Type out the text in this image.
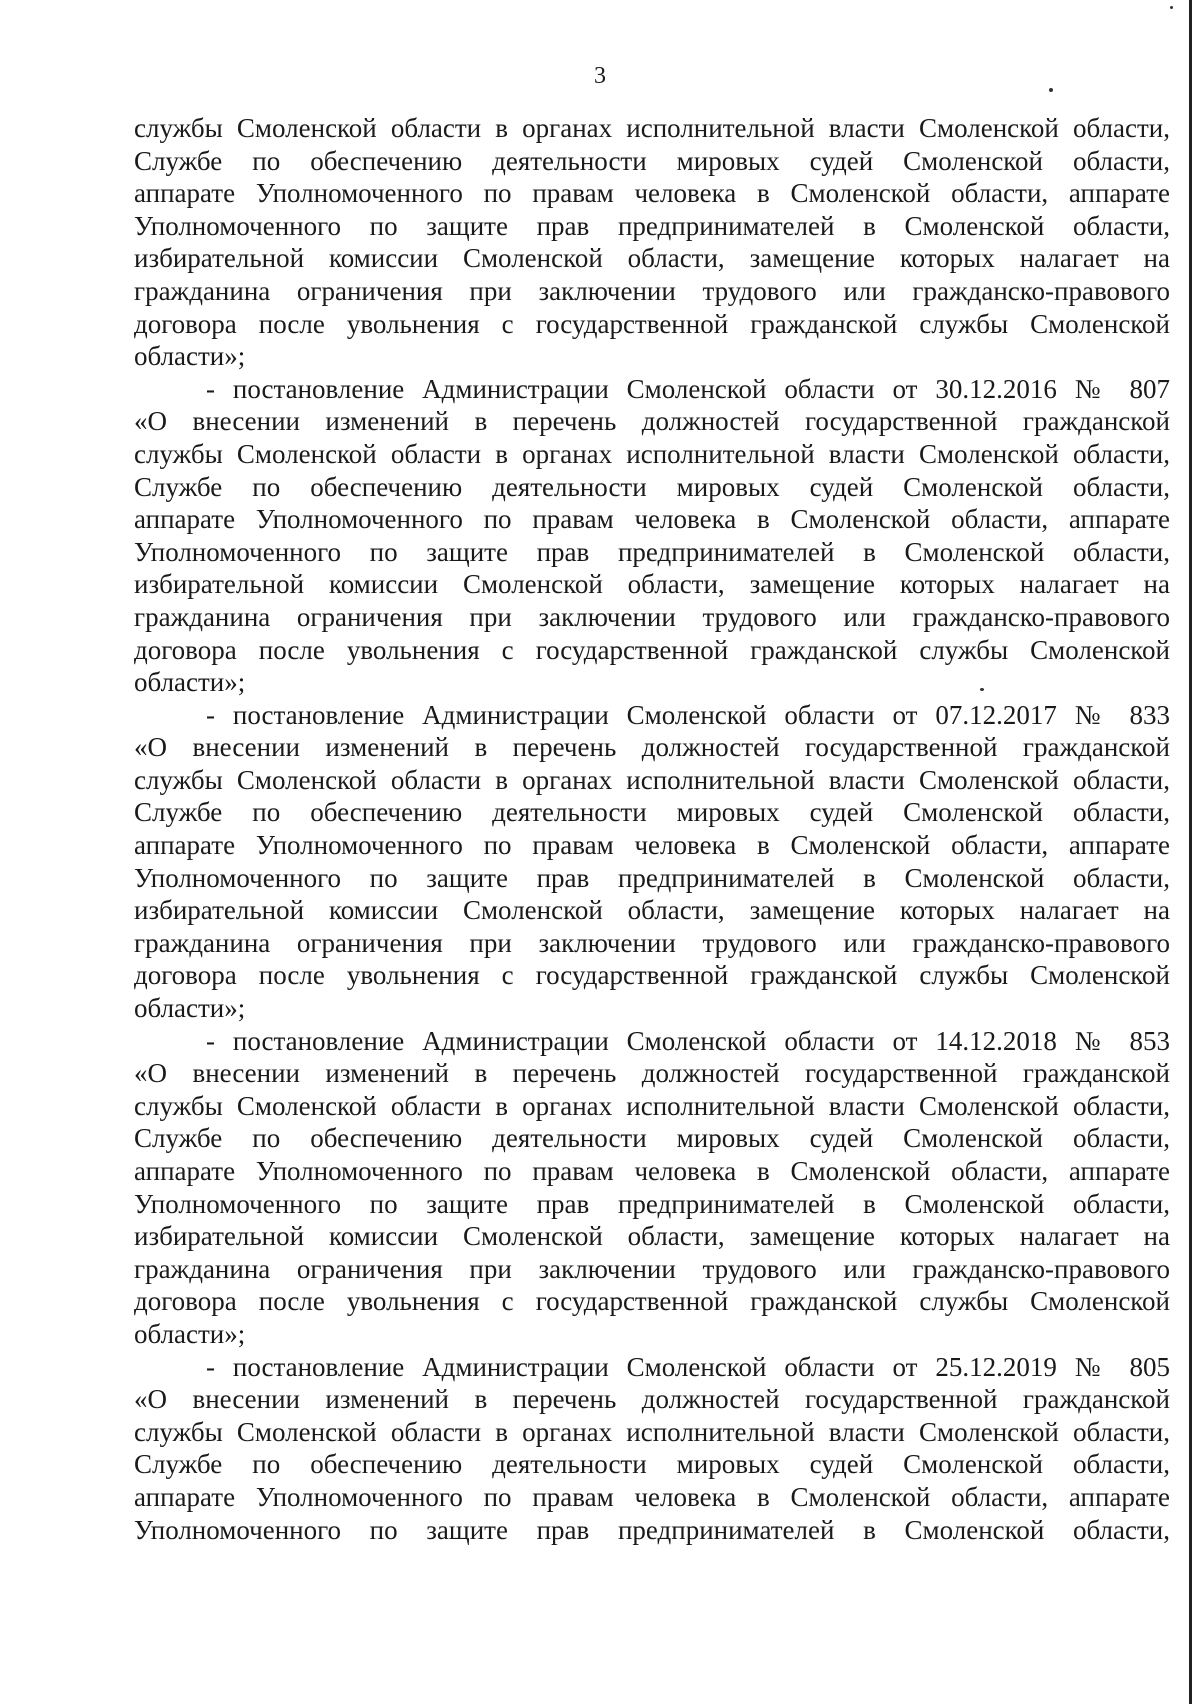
3
службы Смоленской области в органах исполнительной власти Смоленской области,
Службе по обеспечению деятельности мировых судей Смоленской области,
аппарате Уполномоченного по правам человека в Смоленской области, аппарате
Уполномоченного по защите прав предпринимателей в Смоленской области,
избирательной комиссии Смоленской области, замещение которых налагает на
гражданина ограничения при заключении трудового или гражданско-правового
договора после увольнения с государственной гражданской службы Смоленской
области»;
- постановление Администрации Смоленской области от 30.12.2016 № 807
«О внесении изменений в перечень должностей государственной гражданской
службы Смоленской области в органах исполнительной власти Смоленской области,
Службе по обеспечению деятельности мировых судей Смоленской области,
аппарате Уполномоченного по правам человека в Смоленской области, аппарате
Уполномоченного по защите прав предпринимателей в Смоленской области,
избирательной комиссии Смоленской области, замещение которых налагает на
гражданина ограничения при заключении трудового или гражданско-правового
договора после увольнения с государственной гражданской службы Смоленской
области»;
- постановление Администрации Смоленской области от 07.12.2017 № 833
«О внесении изменений в перечень должностей государственной гражданской
службы Смоленской области в органах исполнительной власти Смоленской области,
Службе по обеспечению деятельности мировых судей Смоленской области,
аппарате Уполномоченного по правам человека в Смоленской области, аппарате
Уполномоченного по защите прав предпринимателей в Смоленской области,
избирательной комиссии Смоленской области, замещение которых налагает на
гражданина ограничения при заключении трудового или гражданско-правового
договора после увольнения с государственной гражданской службы Смоленской
области»;
- постановление Администрации Смоленской области от 14.12.2018 № 853
«О внесении изменений в перечень должностей государственной гражданской
службы Смоленской области в органах исполнительной власти Смоленской области,
Службе по обеспечению деятельности мировых судей Смоленской области,
аппарате Уполномоченного по правам человека в Смоленской области, аппарате
Уполномоченного по защите прав предпринимателей в Смоленской области,
избирательной комиссии Смоленской области, замещение которых налагает на
гражданина ограничения при заключении трудового или гражданско-правового
договора после увольнения с государственной гражданской службы Смоленской
области»;
- постановление Администрации Смоленской области от 25.12.2019 № 805
«О внесении изменений в перечень должностей государственной гражданской
службы Смоленской области в органах исполнительной власти Смоленской области,
Службе по обеспечению деятельности мировых судей Смоленской области,
аппарате Уполномоченного по правам человека в Смоленской области, аппарате
Уполномоченного по защите прав предпринимателей в Смоленской области,
